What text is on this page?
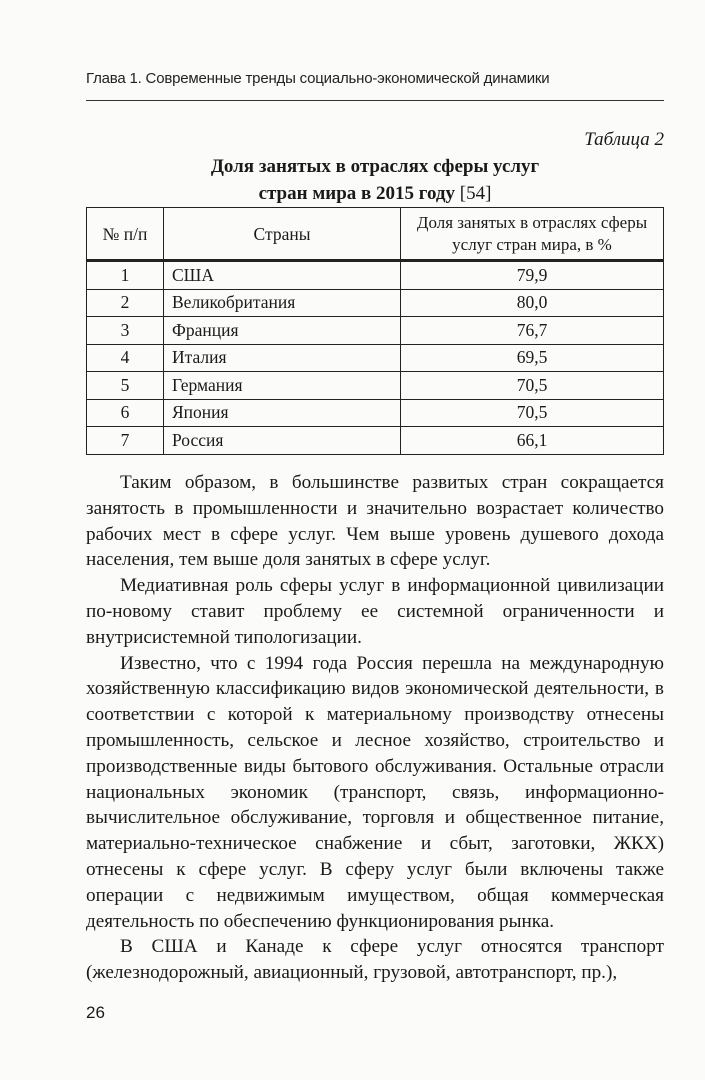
Глава 1. Современные тренды социально-экономической динамики
Таблица 2
Доля занятых в отраслях сферы услуг
стран мира в 2015 году [54]
№ п/п	Страны	Доля занятых в отраслях сферы услуг стран мира, в %
1	США	79,9
2	Великобритания	80,0
3	Франция	76,7
4	Италия	69,5
5	Германия	70,5
6	Япония	70,5
7	Россия	66,1

Таким образом, в большинстве развитых стран сокращается занятость в промышленности и значительно возрастает количество рабочих мест в сфере услуг. Чем выше уровень душевого дохода населения, тем выше доля занятых в сфере услуг.

Медиативная роль сферы услуг в информационной цивилизации по-новому ставит проблему ее системной ограниченности и внутрисистемной типологизации.

Известно, что с 1994 года Россия перешла на международную хозяйственную классификацию видов экономической деятельности, в соответствии с которой к материальному производству отнесены промышленность, сельское и лесное хозяйство, строительство и производственные виды бытового обслуживания. Остальные отрасли национальных экономик (транспорт, связь, информационно-вычислительное обслуживание, торговля и общественное питание, материально-техническое снабжение и сбыт, заготовки, ЖКХ) отнесены к сфере услуг. В сферу услуг были включены также операции с недвижимым имуществом, общая коммерческая деятельность по обеспечению функционирования рынка.

В США и Канаде к сфере услуг относятся транспорт (железнодорожный, авиационный, грузовой, автотранспорт, пр.),

26
